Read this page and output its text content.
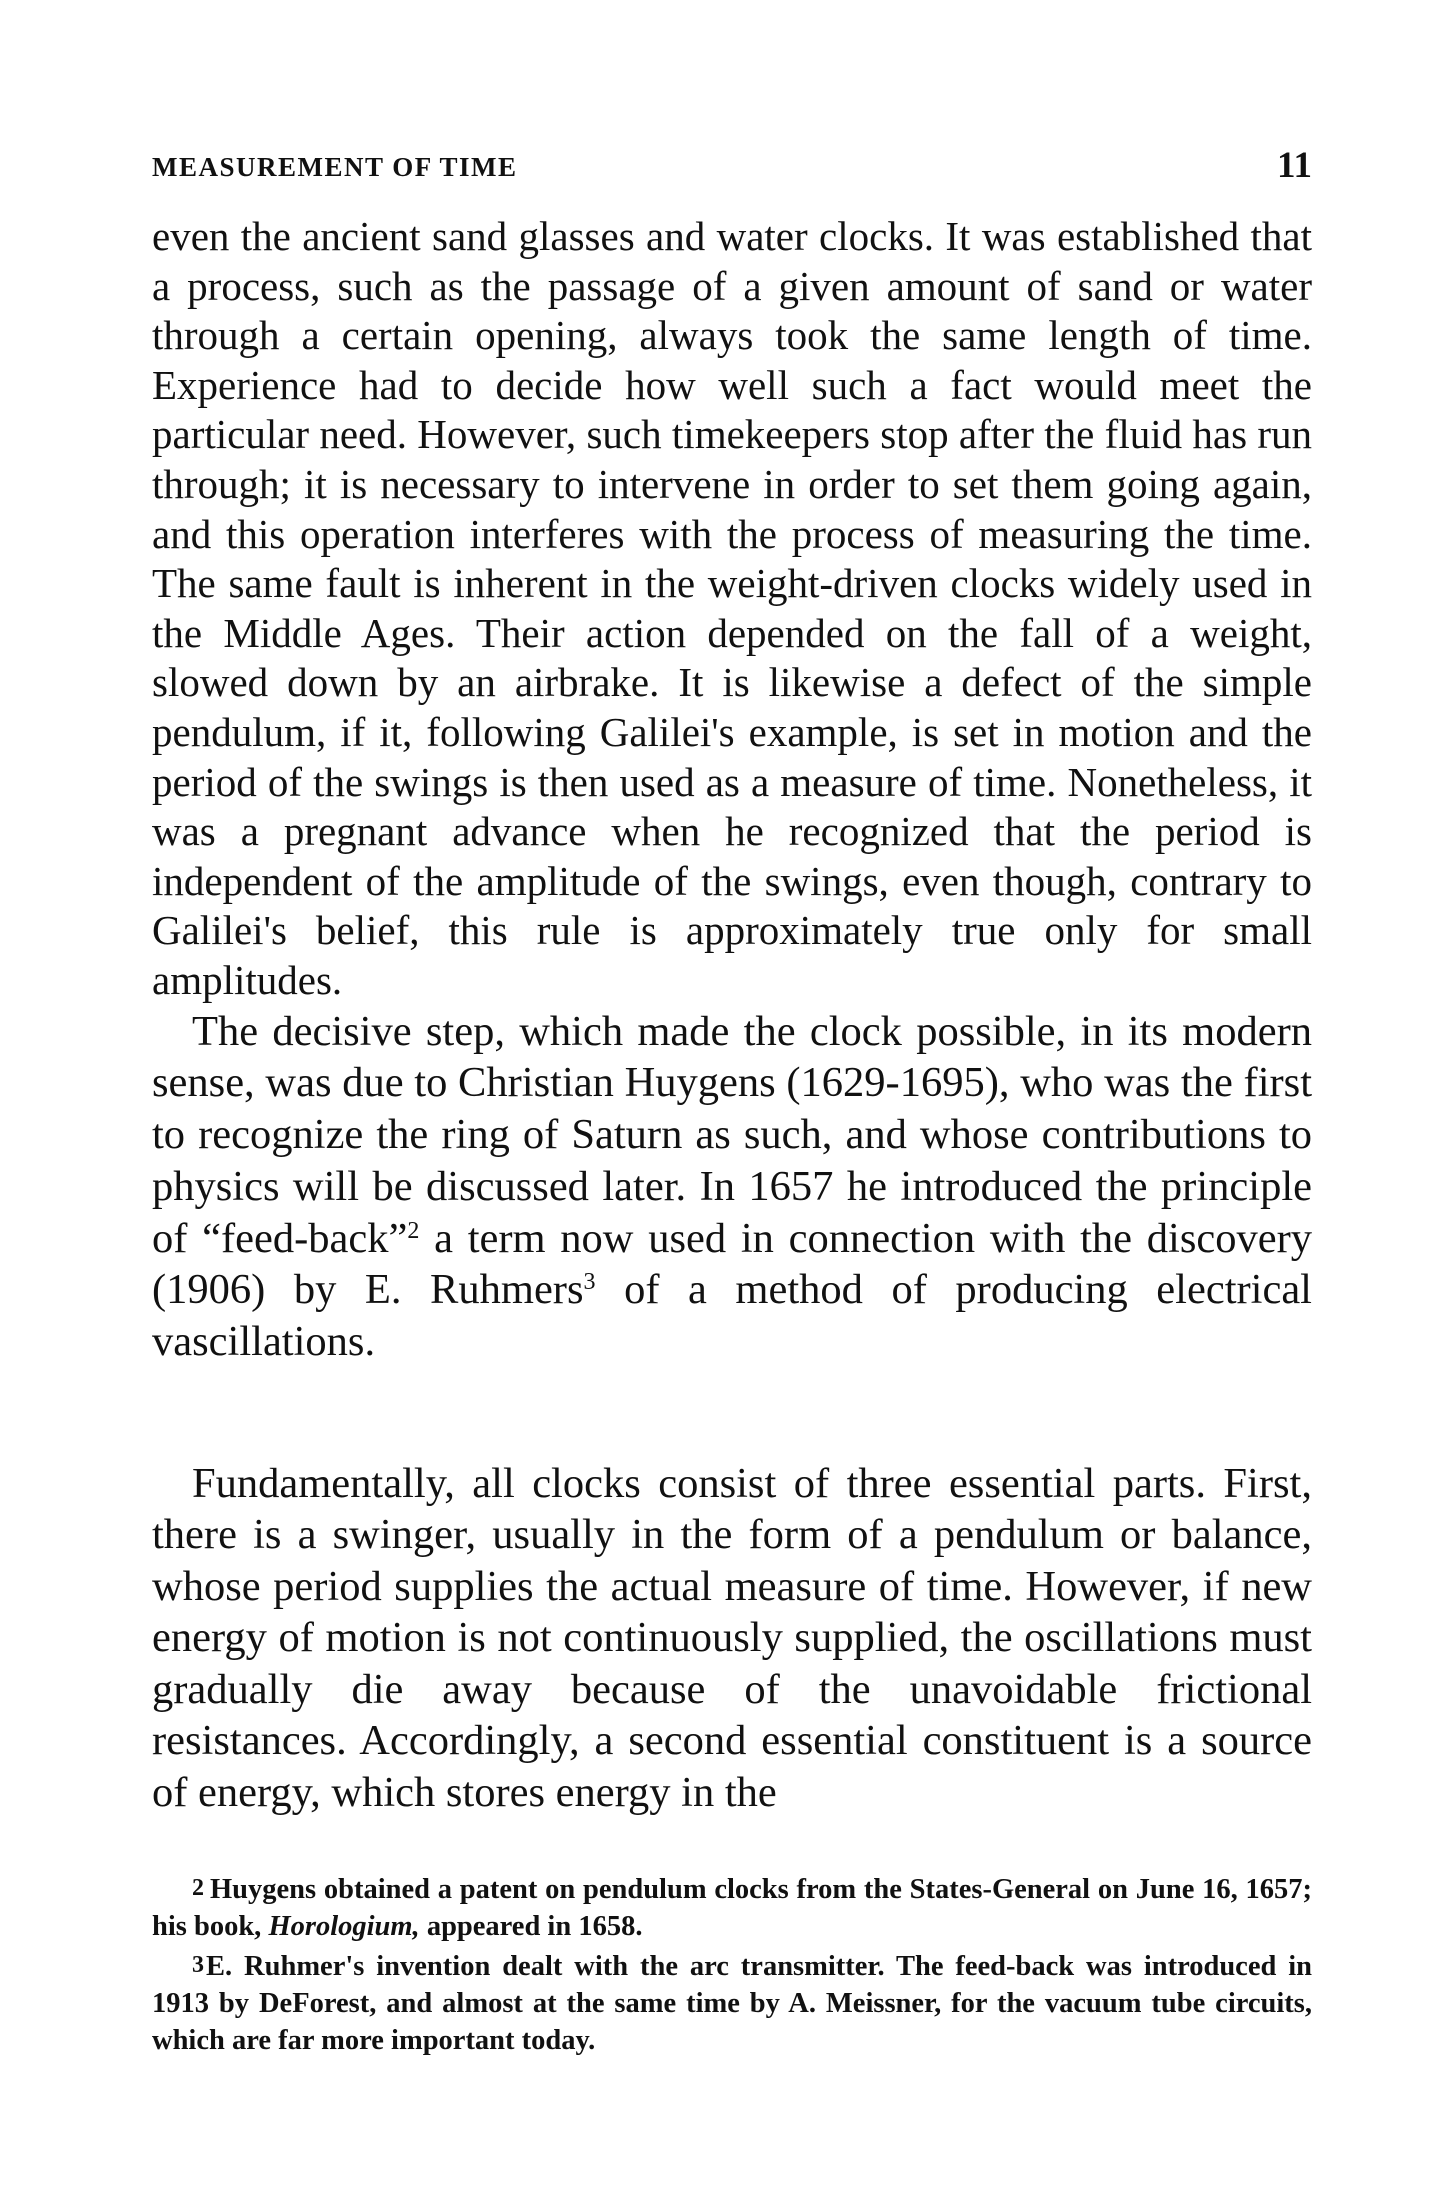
MEASUREMENT OF TIME	11

even the ancient sand glasses and water clocks. It was established that a process, such as the passage of a given amount of sand or water through a certain opening, always took the same length of time. Experience had to decide how well such a fact would meet the particular need. However, such timekeepers stop after the fluid has run through; it is necessary to intervene in order to set them going again, and this operation interferes with the process of measuring the time. The same fault is inherent in the weight-driven clocks widely used in the Middle Ages. Their action depended on the fall of a weight, slowed down by an airbrake. It is likewise a defect of the simple pendulum, if it, following Galilei's example, is set in motion and the period of the swings is then used as a measure of time. Nonetheless, it was a pregnant advance when he recognized that the period is independent of the amplitude of the swings, even though, contrary to Galilei's belief, this rule is approximately true only for small amplitudes.

The decisive step, which made the clock possible, in its modern sense, was due to Christian Huygens (1629-1695), who was the first to recognize the ring of Saturn as such, and whose contributions to physics will be discussed later. In 1657 he introduced the principle of “feed-back”$^2$ a term now used in connection with the discovery (1906) by E. Ruhmers$^3$ of a method of producing electrical vascillations.

Fundamentally, all clocks consist of three essential parts. First, there is a swinger, usually in the form of a pendulum or balance, whose period supplies the actual measure of time. However, if new energy of motion is not continuously supplied, the oscillations must gradually die away because of the unavoidable frictional resistances. Accordingly, a second essential constituent is a source of energy, which stores energy in the

2 Huygens obtained a patent on pendulum clocks from the States-General on June 16, 1657; his book, Horologium, appeared in 1658.

3E. Ruhmer's invention dealt with the arc transmitter. The feed-back was introduced in 1913 by DeForest, and almost at the same time by A. Meissner, for the vacuum tube circuits, which are far more important today.
